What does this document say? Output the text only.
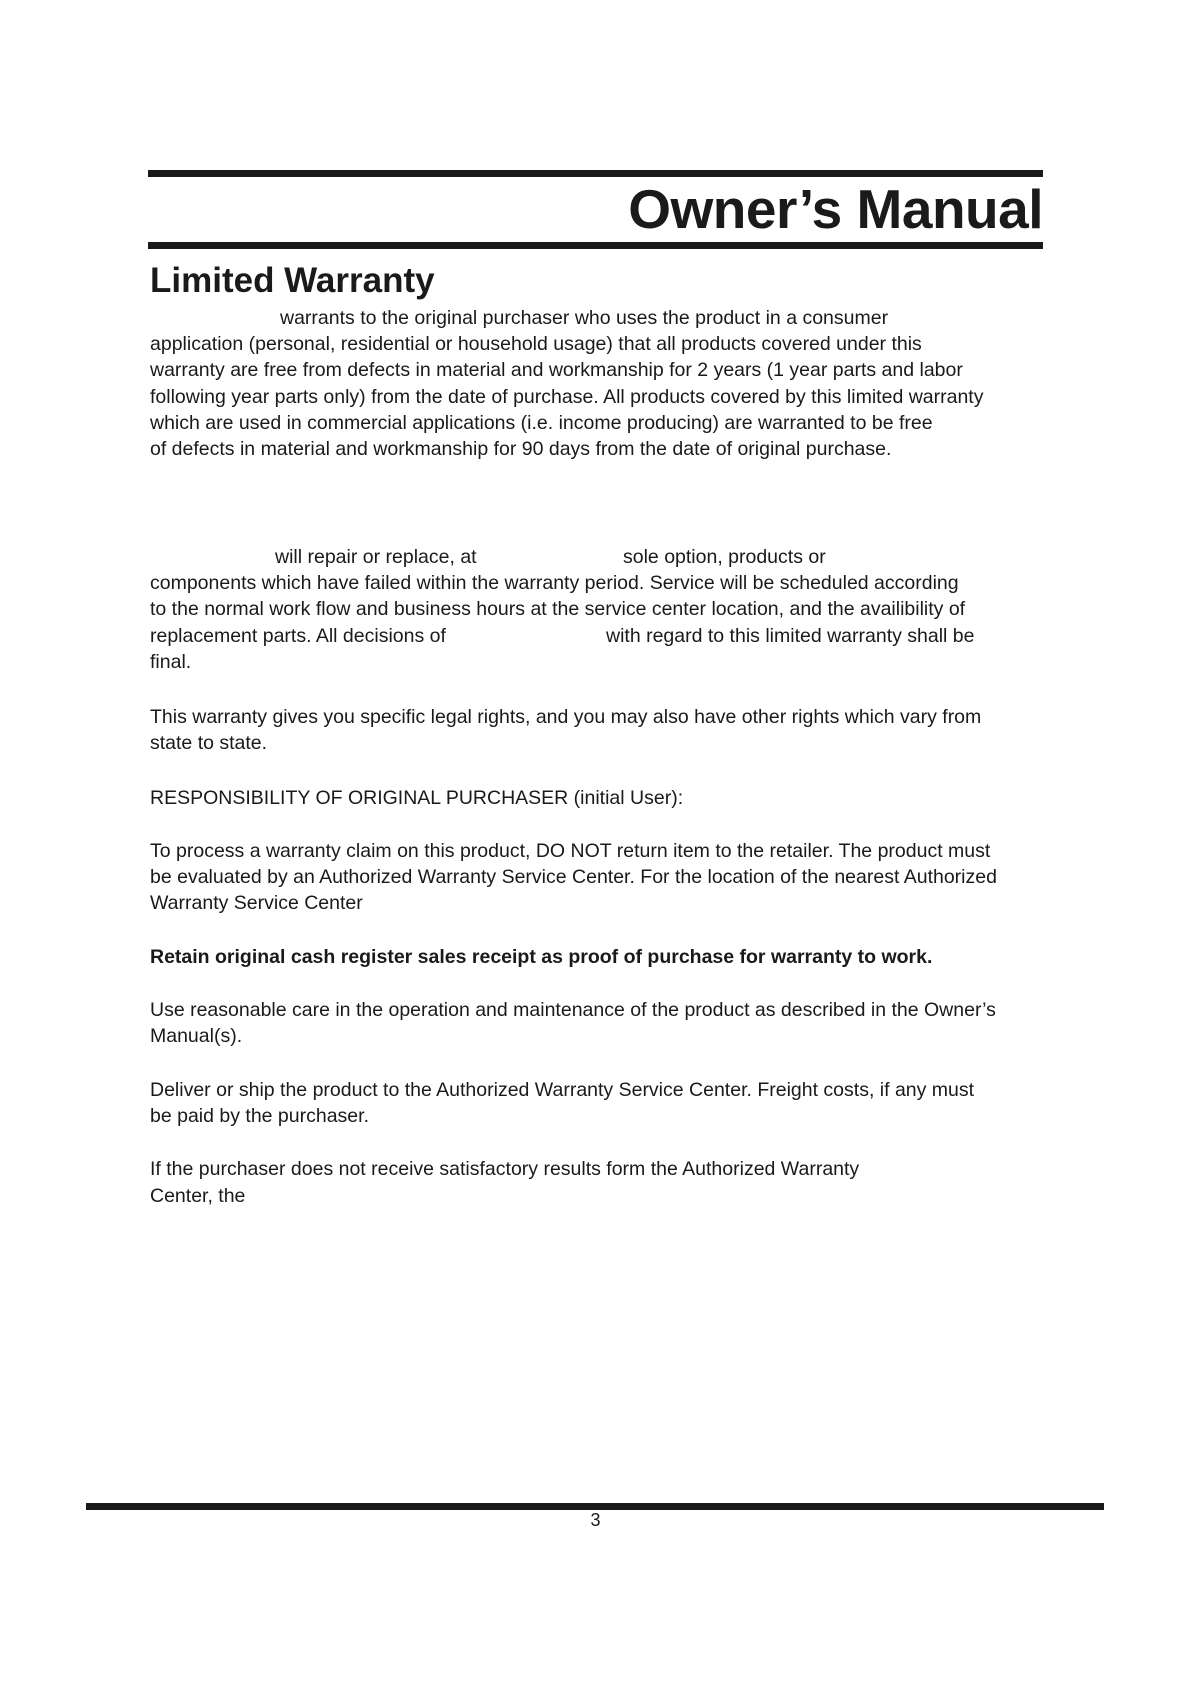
Owner’s Manual
Limited Warranty
warrants to the original purchaser who uses the product in a consumer
application (personal, residential or household usage) that all products covered under this
warranty are free from defects in material and workmanship for 2 years (1 year parts and labor
following year parts only) from the date of purchase. All products covered by this limited warranty
which are used in commercial applications (i.e. income producing) are warranted to be free
of defects in material and workmanship for 90 days from the date of original purchase.
will repair or replace, at	sole option, products or
components which have failed within the warranty period. Service will be scheduled according
to the normal work flow and business hours at the service center location, and the availibility of
replacement parts. All decisions of	with regard to this limited warranty shall be
final.
This warranty gives you specific legal rights, and you may also have other rights which vary from
state to state.
RESPONSIBILITY OF ORIGINAL PURCHASER (initial User):
To process a warranty claim on this product, DO NOT return item to the retailer. The product must
be evaluated by an Authorized Warranty Service Center. For the location of the nearest Authorized
Warranty Service Center
Retain original cash register sales receipt as proof of purchase for warranty to work.
Use reasonable care in the operation and maintenance of the product as described in the Owner’s
Manual(s).
Deliver or ship the product to the Authorized Warranty Service Center. Freight costs, if any must
be paid by the purchaser.
If the purchaser does not receive satisfactory results form the Authorized Warranty
Center, the
3
